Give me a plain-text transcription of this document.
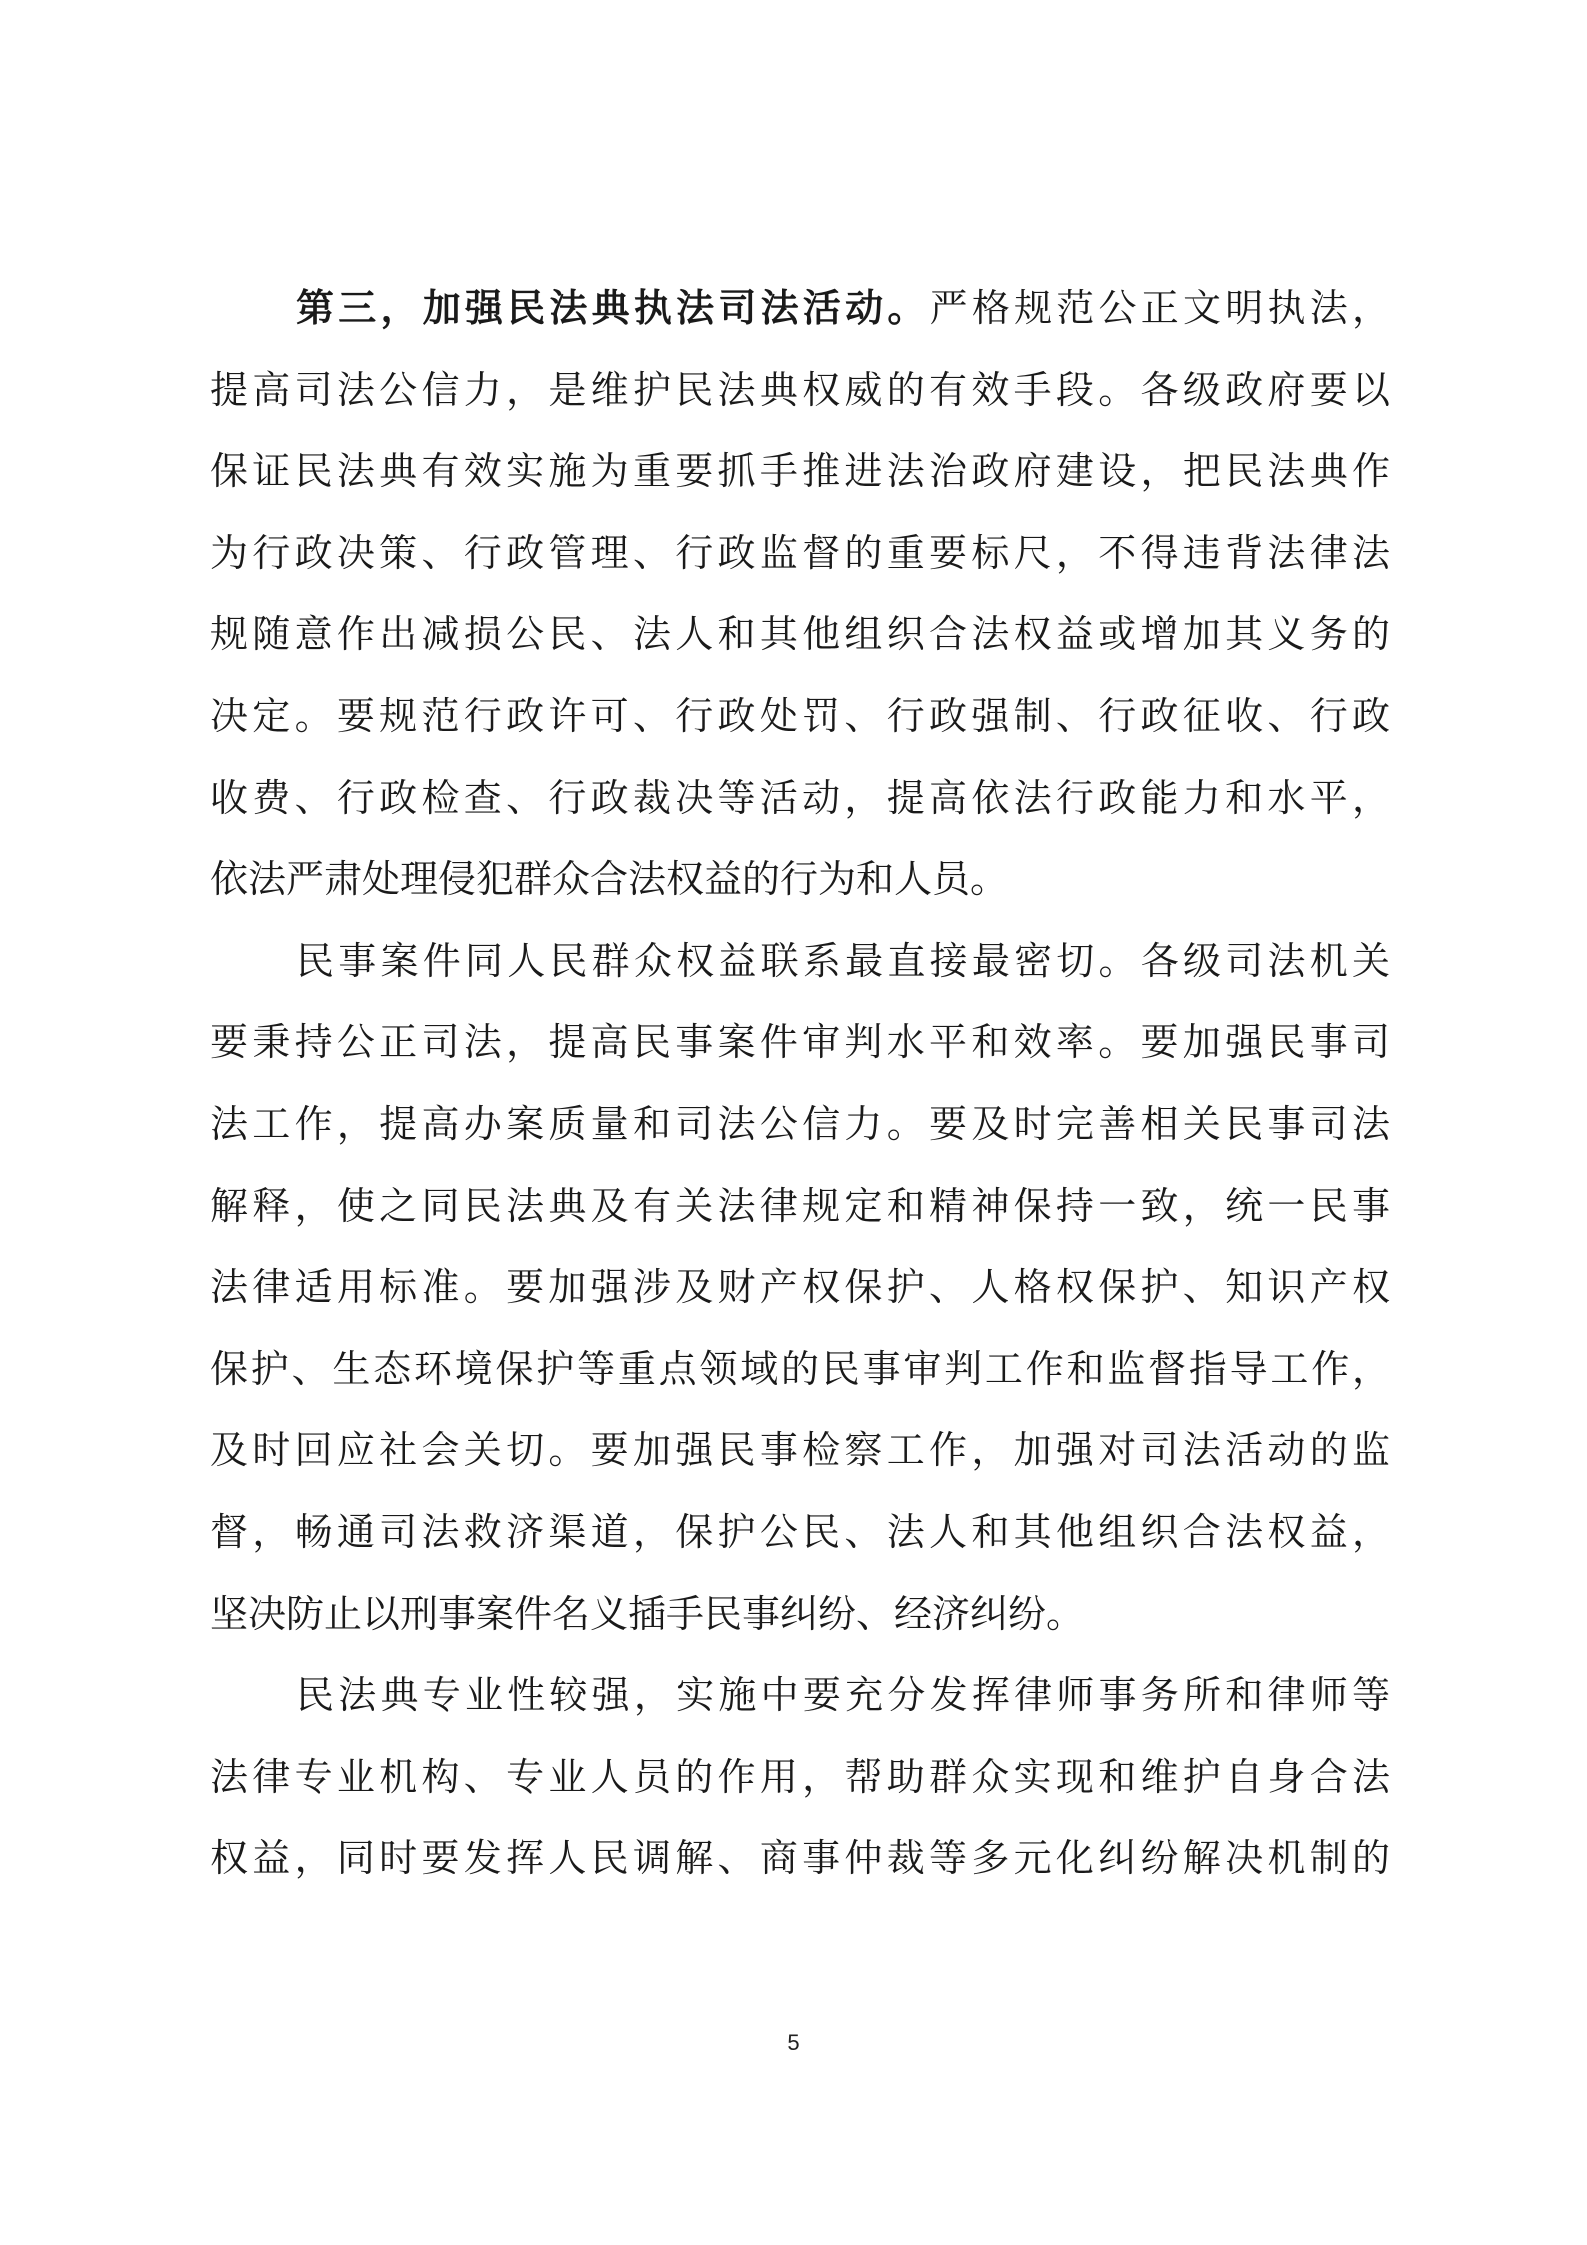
第三，加强民法典执法司法活动。严格规范公正文明执法，
提高司法公信力，是维护民法典权威的有效手段。各级政府要以
保证民法典有效实施为重要抓手推进法治政府建设，把民法典作
为行政决策、行政管理、行政监督的重要标尺，不得违背法律法
规随意作出减损公民、法人和其他组织合法权益或增加其义务的
决定。要规范行政许可、行政处罚、行政强制、行政征收、行政
收费、行政检查、行政裁决等活动，提高依法行政能力和水平，
依法严肃处理侵犯群众合法权益的行为和人员。
民事案件同人民群众权益联系最直接最密切。各级司法机关
要秉持公正司法，提高民事案件审判水平和效率。要加强民事司
法工作，提高办案质量和司法公信力。要及时完善相关民事司法
解释，使之同民法典及有关法律规定和精神保持一致，统一民事
法律适用标准。要加强涉及财产权保护、人格权保护、知识产权
保护、生态环境保护等重点领域的民事审判工作和监督指导工作，
及时回应社会关切。要加强民事检察工作，加强对司法活动的监
督，畅通司法救济渠道，保护公民、法人和其他组织合法权益，
坚决防止以刑事案件名义插手民事纠纷、经济纠纷。
民法典专业性较强，实施中要充分发挥律师事务所和律师等
法律专业机构、专业人员的作用，帮助群众实现和维护自身合法
权益，同时要发挥人民调解、商事仲裁等多元化纠纷解决机制的
5
